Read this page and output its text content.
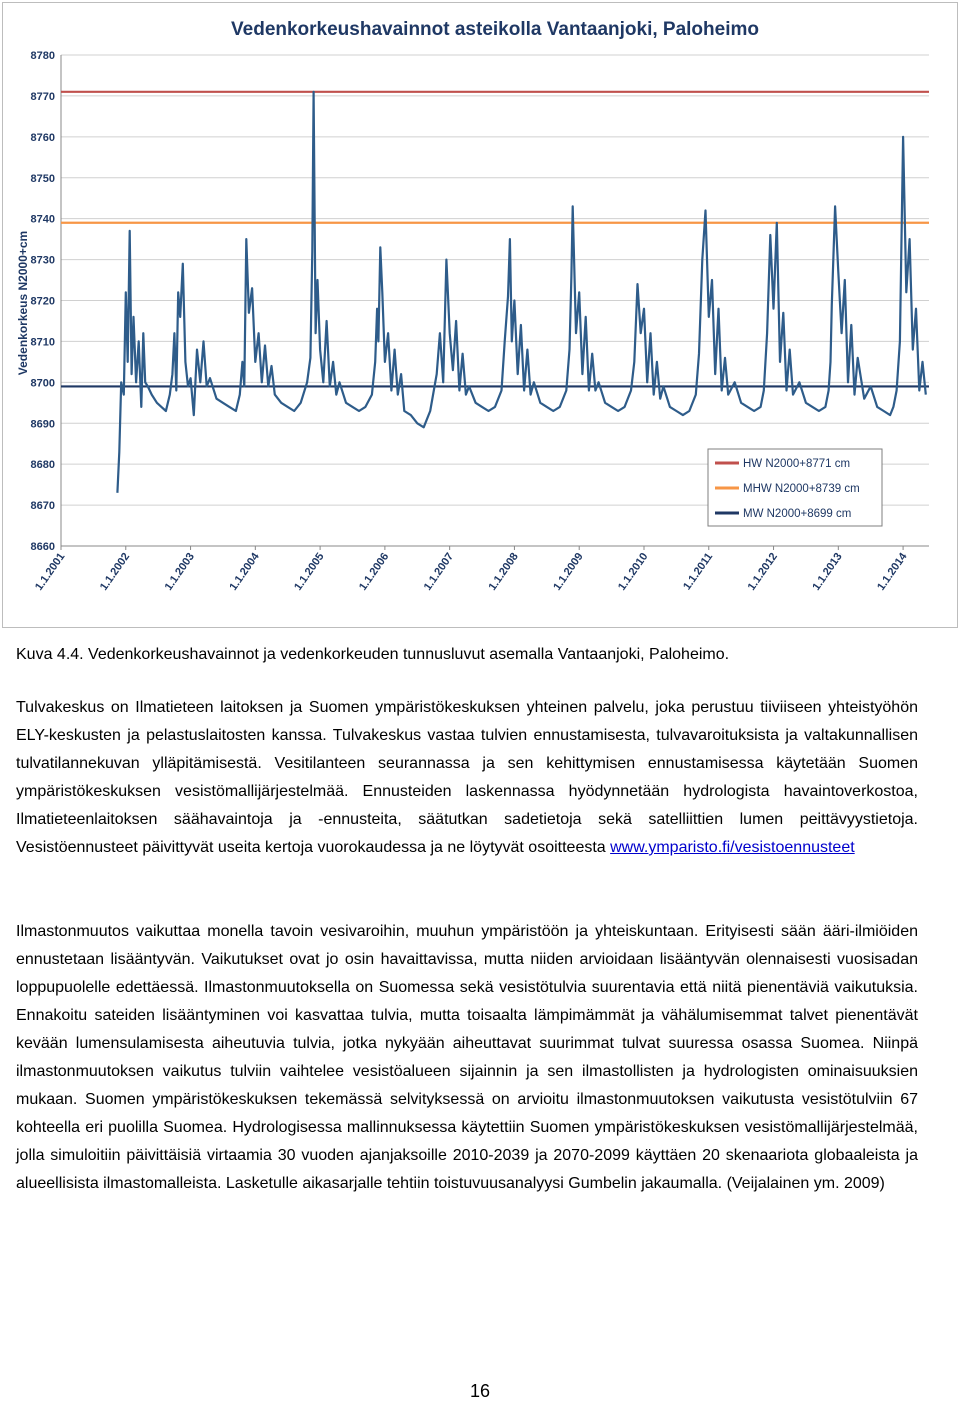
Vedenkorkeushavainnot asteikolla Vantaanjoki, Paloheimo
Vedenkorkeus N2000+cm
8660
8670
8680
8690
8700
8710
8720
8730
8740
8750
8760
8770
8780
1.1.2001	1.1.2002	1.1.2003	1.1.2004	1.1.2005	1.1.2006	1.1.2007	1.1.2008	1.1.2009	1.1.2010	1.1.2011	1.1.2012	1.1.2013	1.1.2014
HW N2000+8771 cm
MHW N2000+8739 cm
MW N2000+8699 cm
Kuva 4.4. Vedenkorkeushavainnot ja vedenkorkeuden tunnusluvut asemalla Vantaanjoki, Paloheimo.

Tulvakeskus on Ilmatieteen laitoksen ja Suomen ympäristökeskuksen yhteinen palvelu, joka perustuu tiiviiseen yhteistyöhön ELY-keskusten ja pelastuslaitosten kanssa. Tulvakeskus vastaa tulvien ennustamisesta, tulvavaroituksista ja valtakunnallisen tulvatilannekuvan ylläpitämisestä. Vesitilanteen seurannassa ja sen kehittymisen ennustamisessa käytetään Suomen ympäristökeskuksen vesistömallijärjestelmää. Ennusteiden laskennassa hyödynnetään hydrologista havaintoverkostoa, Ilmatieteenlaitoksen säähavaintoja ja -ennusteita, säätutkan sadetietoja sekä satelliittien lumen peittävyystietoja. Vesistöennusteet päivittyvät useita kertoja vuorokaudessa ja ne löytyvät osoitteesta www.ymparisto.fi/vesistoennusteet

Ilmastonmuutos vaikuttaa monella tavoin vesivaroihin, muuhun ympäristöön ja yhteiskuntaan. Erityisesti sään ääri-ilmiöiden ennustetaan lisääntyvän. Vaikutukset ovat jo osin havaittavissa, mutta niiden arvioidaan lisääntyvän olennaisesti vuosisadan loppupuolelle edettäessä. Ilmastonmuutoksella on Suomessa sekä vesistötulvia suurentavia että niitä pienentäviä vaikutuksia. Ennakoitu sateiden lisääntyminen voi kasvattaa tulvia, mutta toisaalta lämpimämmät ja vähälumisemmat talvet pienentävät kevään lumensulamisesta aiheutuvia tulvia, jotka nykyään aiheuttavat suurimmat tulvat suuressa osassa Suomea. Niinpä ilmastonmuutoksen vaikutus tulviin vaihtelee vesistöalueen sijainnin ja sen ilmastollisten ja hydrologisten ominaisuuksien mukaan. Suomen ympäristökeskuksen tekemässä selvityksessä on arvioitu ilmastonmuutoksen vaikutusta vesistötulviin 67 kohteella eri puolilla Suomea. Hydrologisessa mallinnuksessa käytettiin Suomen ympäristökeskuksen vesistömallijärjestelmää, jolla simuloitiin päivittäisiä virtaamia 30 vuoden ajanjaksoille 2010-2039 ja 2070-2099 käyttäen 20 skenaariota globaaleista ja alueellisista ilmastomalleista. Lasketulle aikasarjalle tehtiin toistuvuusanalyysi Gumbelin jakaumalla. (Veijalainen ym. 2009)

16
